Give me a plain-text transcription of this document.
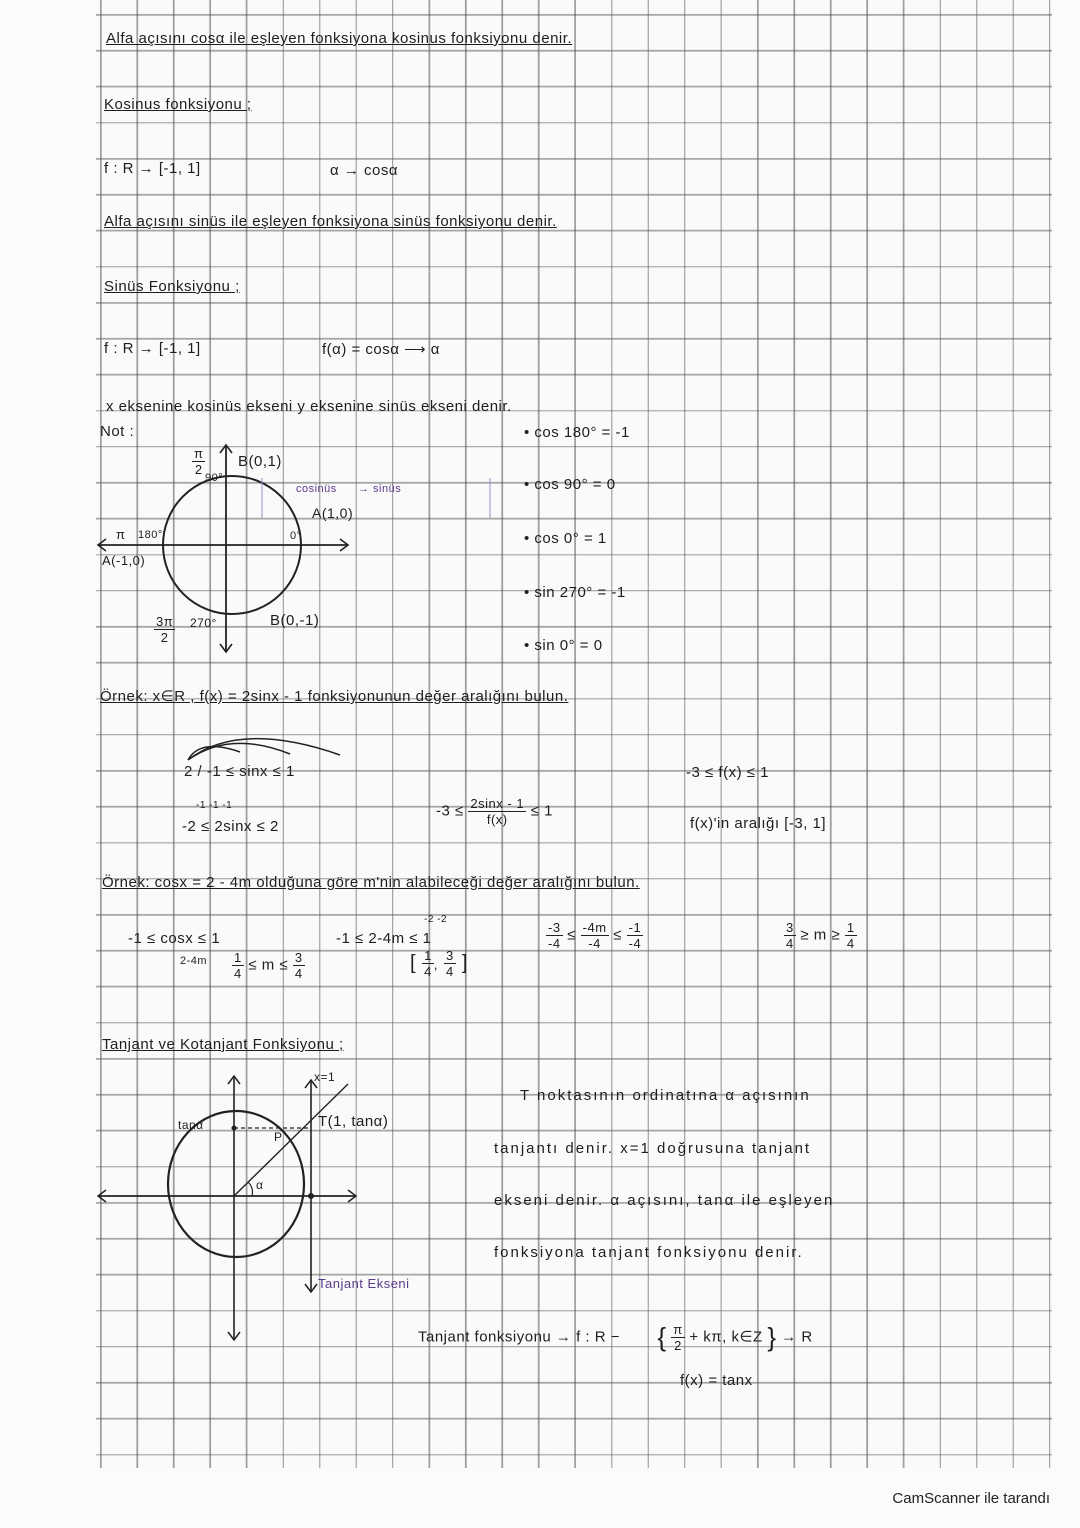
Alfa açısını cosα ile eşleyen fonksiyona kosinus fonksiyonu denir.
Kosinus fonksiyonu ;
f : R → [-1, 1]	α → cosα
Alfa açısını sinüs ile eşleyen fonksiyona sinüs fonksiyonu denir.
Sinüs Fonksiyonu ;
f : R → [-1, 1]	f(α) = cosα ⟶ α
x eksenine kosinüs ekseni y eksenine sinüs ekseni denir.
Not :
$\frac{\pi}{2}$
90°
B(0,1)
cosinüs → sinüs
A(1,0)
0°
π 180°
A(-1,0)
$\frac{3\pi}{2} 270^\circ$	B(0,-1)
• cos 180° = -1
• cos 90° = 0
• cos 0° = 1
• sin 270° = -1
• sin 0° = 0
Örnek: x∈R , f(x) = 2sinx - 1 fonksiyonunun değer aralığını bulun.
2 / -1 ≤ sinx ≤ 1
-1 -1 -1
-2 ≤ 2sinx ≤ 2
$-3 \le \frac{2\sin x - 1}{f(x)} \le 1$
-3 ≤ f(x) ≤ 1
f(x)'in aralığı [-3, 1]
Örnek: cosx = 2 - 4m olduğuna göre m'nin alabileceği değer aralığını bulun.
-1 ≤ cosx ≤ 1
2-4m
-1 ≤ 2-4m ≤ 1
-2 -2
$\frac{1}{4} \le m \le \frac{3}{4}$	[ $\frac{1}{4}$ , $\frac{3}{4}$ ]
$\frac{-3}{-4} \le \frac{-4m}{-4} \le \frac{-1}{-4}$	$\frac{3}{4} \ge m \ge \frac{1}{4}$
Tanjant ve Kotanjant Fonksiyonu ;
x=1
tanα	T(1, tanα)
P
α
Tanjant Ekseni
T noktasının ordinatına α açısının
tanjantı denir. x=1 doğrusuna tanjant
ekseni denir. α açısını, tanα ile eşleyen
fonksiyona tanjant fonksiyonu denir.
Tanjant fonksiyonu → f : R − { $\frac{\pi}{2} + k\pi$, k∈Z } → R
f(x) = tanx
CamScanner ile tarandı
